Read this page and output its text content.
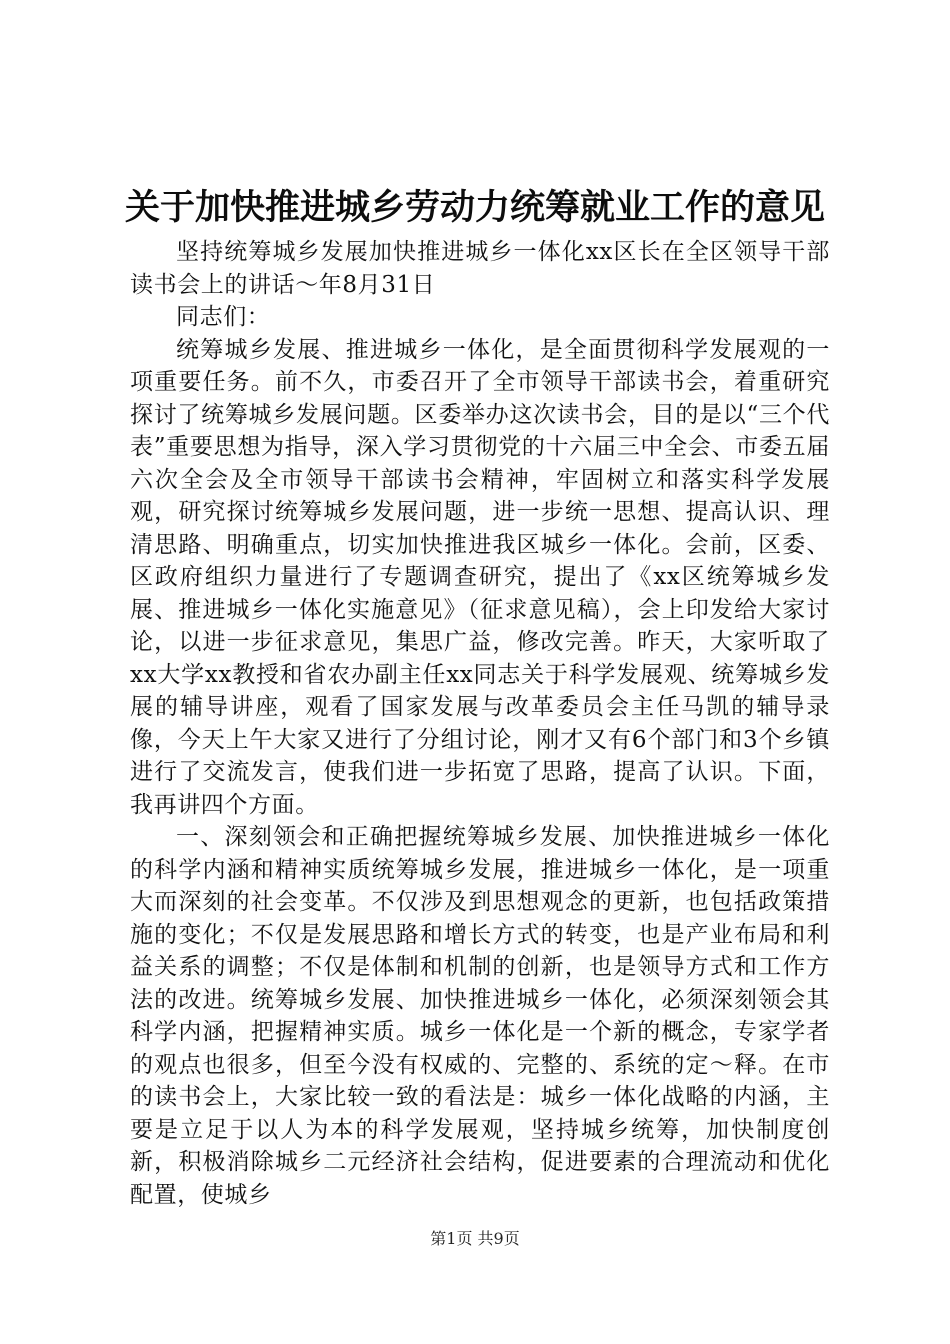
关于加快推进城乡劳动力统筹就业工作的意见

坚持统筹城乡发展加快推进城乡一体化xx区长在全区领导干部读书会上的讲话～年8月31日

同志们：

统筹城乡发展、推进城乡一体化，是全面贯彻科学发展观的一项重要任务。前不久，市委召开了全市领导干部读书会，着重研究探讨了统筹城乡发展问题。区委举办这次读书会，目的是以“三个代表”重要思想为指导，深入学习贯彻党的十六届三中全会、市委五届六次全会及全市领导干部读书会精神，牢固树立和落实科学发展观，研究探讨统筹城乡发展问题，进一步统一思想、提高认识、理清思路、明确重点，切实加快推进我区城乡一体化。会前，区委、区政府组织力量进行了专题调查研究，提出了《xx区统筹城乡发展、推进城乡一体化实施意见》（征求意见稿），会上印发给大家讨论，以进一步征求意见，集思广益，修改完善。昨天，大家听取了xx大学xx教授和省农办副主任xx同志关于科学发展观、统筹城乡发展的辅导讲座，观看了国家发展与改革委员会主任马凯的辅导录像，今天上午大家又进行了分组讨论，刚才又有6个部门和3个乡镇进行了交流发言，使我们进一步拓宽了思路，提高了认识。下面，我再讲四个方面。

一、深刻领会和正确把握统筹城乡发展、加快推进城乡一体化的科学内涵和精神实质统筹城乡发展，推进城乡一体化，是一项重大而深刻的社会变革。不仅涉及到思想观念的更新，也包括政策措施的变化；不仅是发展思路和增长方式的转变，也是产业布局和利益关系的调整；不仅是体制和机制的创新，也是领导方式和工作方法的改进。统筹城乡发展、加快推进城乡一体化，必须深刻领会其科学内涵，把握精神实质。城乡一体化是一个新的概念，专家学者的观点也很多，但至今没有权威的、完整的、系统的定～释。在市的读书会上，大家比较一致的看法是：城乡一体化战略的内涵，主要是立足于以人为本的科学发展观，坚持城乡统筹，加快制度创新，积极消除城乡二元经济社会结构，促进要素的合理流动和优化配置，使城乡

第1页 共9页
